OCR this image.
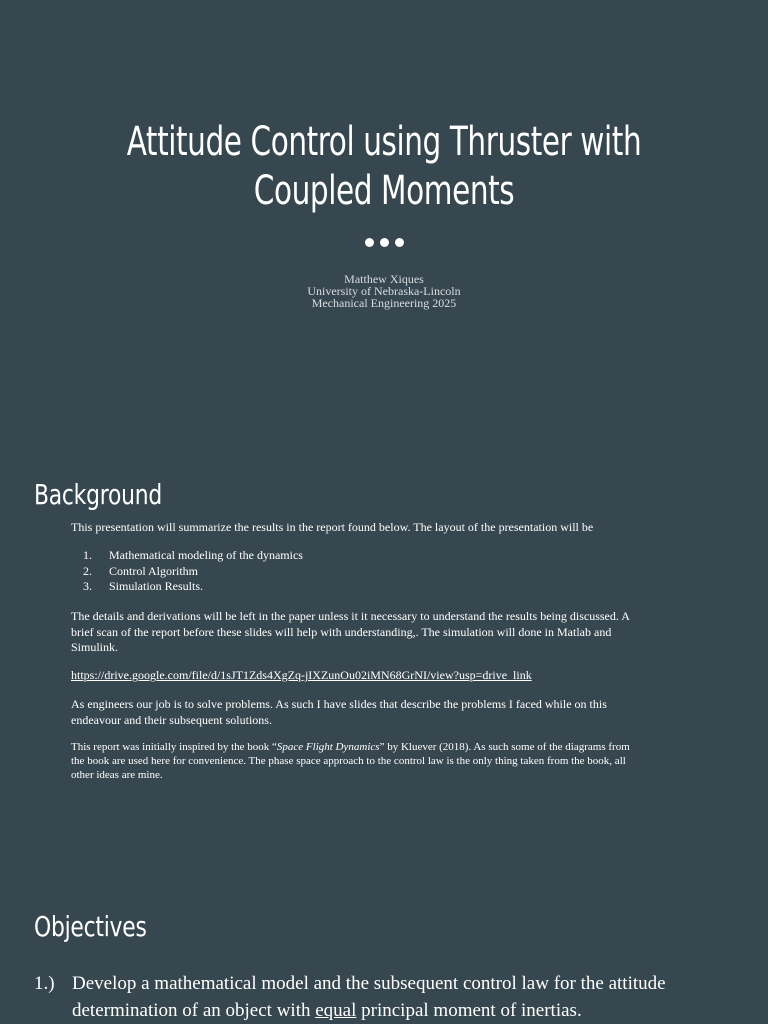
Attitude Control using Thruster with
Coupled Moments
Matthew Xiques
University of Nebraska-Lincoln
Mechanical Engineering 2025
Background
This presentation will summarize the results in the report found below. The layout of the presentation will be
1. Mathematical modeling of the dynamics
2. Control Algorithm
3. Simulation Results.
The details and derivations will be left in the paper unless it it necessary to understand the results being discussed. A brief scan of the report before these slides will help with understanding,. The simulation will done in Matlab and Simulink.
https://drive.google.com/file/d/1sJT1Zds4XgZq-jIXZunOu02iMN68GrNI/view?usp=drive_link
As engineers our job is to solve problems. As such I have slides that describe the problems I faced while on this endeavour and their subsequent solutions.
This report was initially inspired by the book “Space Flight Dynamics” by Kluever (2018). As such some of the diagrams from the book are used here for convenience. The phase space approach to the control law is the only thing taken from the book, all other ideas are mine.
Objectives
1.) Develop a mathematical model and the subsequent control law for the attitude determination of an object with equal principal moment of inertias.
